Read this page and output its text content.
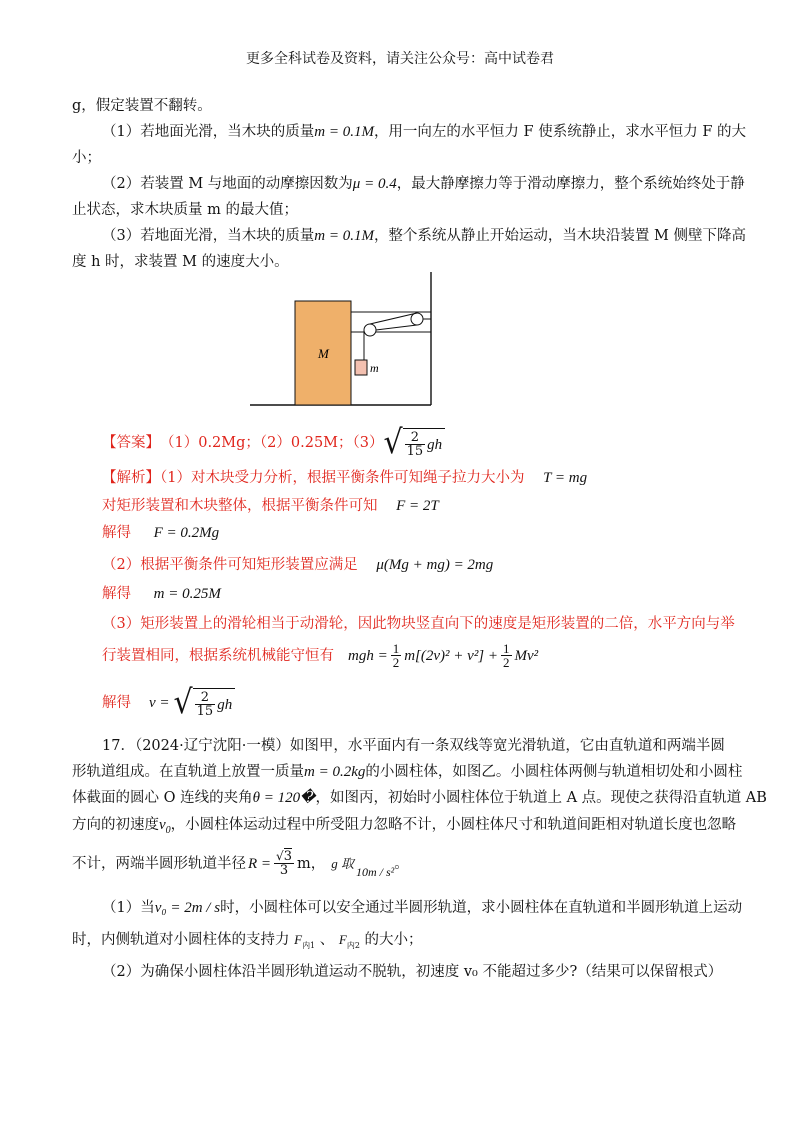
更多全科试卷及资料，请关注公众号：高中试卷君
g，假定装置不翻转。
（1）若地面光滑，当木块的质量m = 0.1M，用一向左的水平恒力 F 使系统静止，求水平恒力 F 的大
小；
（2）若装置 M 与地面的动摩擦因数为μ = 0.4，最大静摩擦力等于滑动摩擦力，整个系统始终处于静
止状态，求木块质量 m 的最大值；
（3）若地面光滑，当木块的质量m = 0.1M，整个系统从静止开始运动，当木块沿装置 M 侧壁下降高
度 h 时，求装置 M 的速度大小。
M
m
【答案】 （1）0.2Mg；（2）0.25M；（3） √ $\frac{2}{15}$ gh
【解析】（1）对木块受力分析，根据平衡条件可知绳子拉力大小为 T = mg
对矩形装置和木块整体，根据平衡条件可知 F = 2T
解得 F = 0.2Mg
（2）根据平衡条件可知矩形装置应满足 μ(Mg + mg) = 2mg
解得 m = 0.25M
（3）矩形装置上的滑轮相当于动滑轮，因此物块竖直向下的速度是矩形装置的二倍，水平方向与举
行装置相同，根据系统机械能守恒有 mgh = $\frac{1}{2} m[(2v)^2 + v^2] + \frac{1}{2} Mv^2$
解得 v = √ $\frac{2}{15}$ gh
17．（2024·辽宁沈阳·一模）如图甲，水平面内有一条双线等宽光滑轨道，它由直轨道和两端半圆
形轨道组成。在直轨道上放置一质量m = 0.2kg的小圆柱体，如图乙。小圆柱体两侧与轨道相切处和小圆柱
体截面的圆心 O 连线的夹角θ = 120�，如图丙，初始时小圆柱体位于轨道上 A 点。现使之获得沿直轨道 AB
方向的初速度$v_0$，小圆柱体运动过程中所受阻力忽略不计，小圆柱体尺寸和轨道间距相对轨道长度也忽略
不计，两端半圆形轨道半径 $R = \frac{√3}{3}$ m， g 取
10m / s² 。
（1）当v₀ = 2m / s时，小圆柱体可以安全通过半圆形轨道，求小圆柱体在直轨道和半圆形轨道上运动
时，内侧轨道对小圆柱体的支持力 $F_{内1}$ 、 $F_{内2}$ 的大小；
（2）为确保小圆柱体沿半圆形轨道运动不脱轨，初速度 v₀ 不能超过多少?（结果可以保留根式）
